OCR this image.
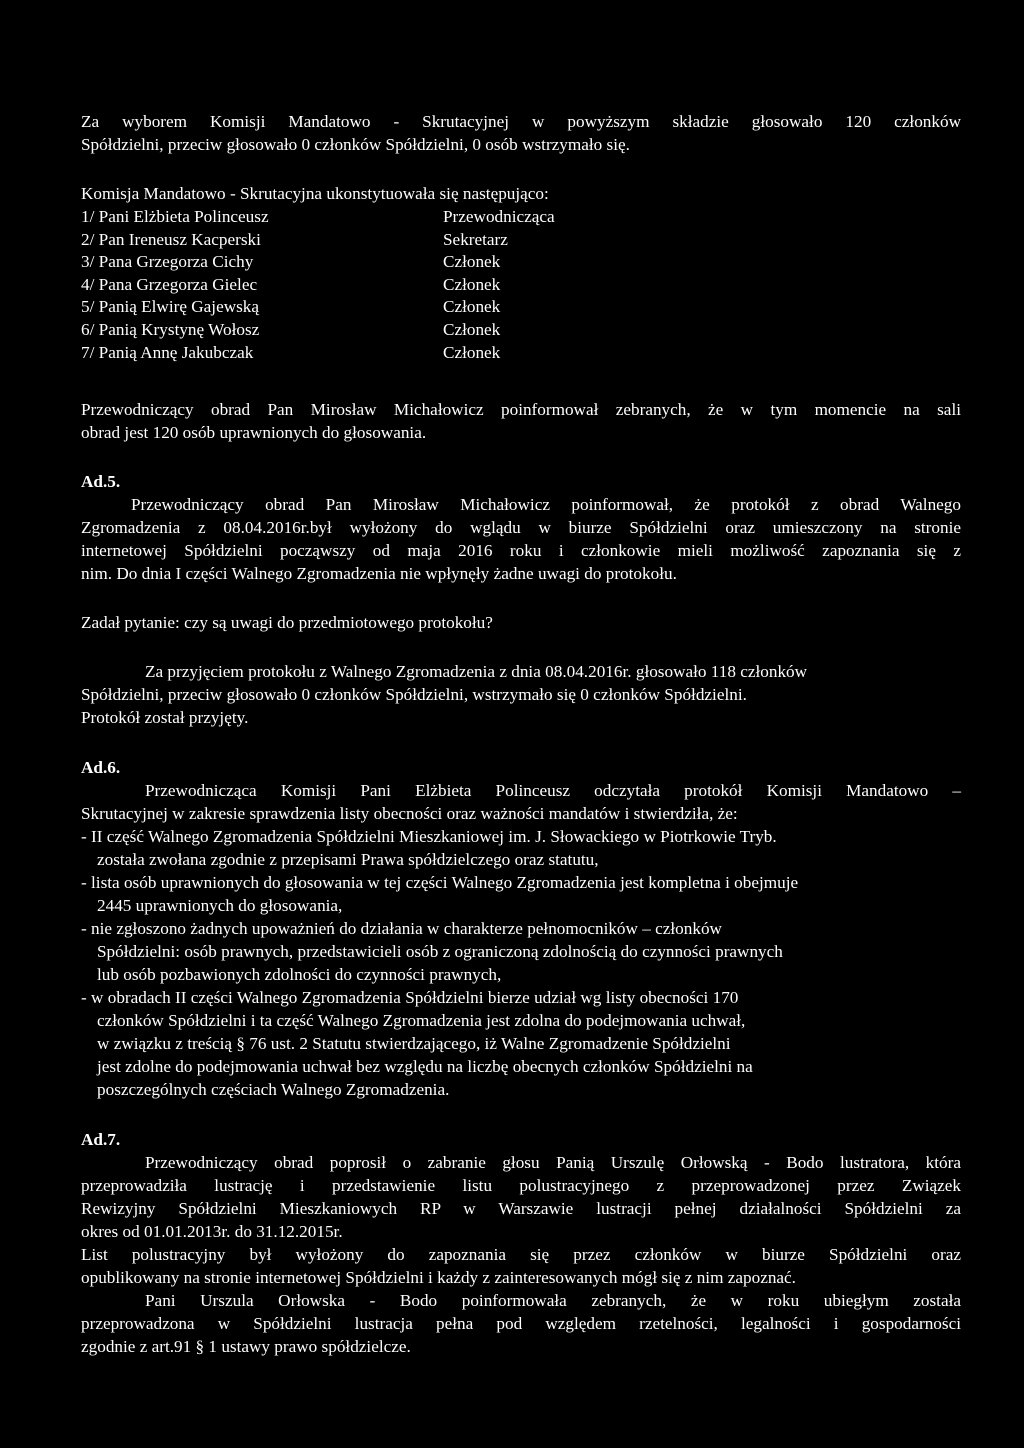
Za wyborem Komisji Mandatowo - Skrutacyjnej w powyższym składzie głosowało 120 członków
Spółdzielni, przeciw głosowało 0 członków Spółdzielni, 0 osób wstrzymało się.
Komisja Mandatowo - Skrutacyjna ukonstytuowała się następująco:
1/ Pani Elżbieta Polinceusz	Przewodnicząca
2/ Pan Ireneusz Kacperski	Sekretarz
3/ Pana Grzegorza Cichy	Członek
4/ Pana Grzegorza Gielec	Członek
5/ Panią Elwirę Gajewską	Członek
6/ Panią Krystynę Wołosz	Członek
7/ Panią Annę Jakubczak	Członek
Przewodniczący obrad Pan Mirosław Michałowicz poinformował zebranych, że w tym momencie na sali
obrad jest 120 osób uprawnionych do głosowania.
Ad.5.
Przewodniczący obrad Pan Mirosław Michałowicz poinformował, że protokół z obrad Walnego
Zgromadzenia z 08.04.2016r.był wyłożony do wglądu w biurze Spółdzielni oraz umieszczony na stronie
internetowej Spółdzielni począwszy od maja 2016 roku i członkowie mieli możliwość zapoznania się z
nim. Do dnia I części Walnego Zgromadzenia nie wpłynęły żadne uwagi do protokołu.
Zadał pytanie: czy są uwagi do przedmiotowego protokołu?
Za przyjęciem protokołu z Walnego Zgromadzenia z dnia 08.04.2016r. głosowało 118 członków
Spółdzielni, przeciw głosowało 0 członków Spółdzielni, wstrzymało się 0 członków Spółdzielni.
Protokół został przyjęty.
Ad.6.
Przewodnicząca Komisji Pani Elżbieta Polinceusz odczytała protokół Komisji Mandatowo –
Skrutacyjnej w zakresie sprawdzenia listy obecności oraz ważności mandatów i stwierdziła, że:
- II część Walnego Zgromadzenia Spółdzielni Mieszkaniowej im. J. Słowackiego w Piotrkowie Tryb.
została zwołana zgodnie z przepisami Prawa spółdzielczego oraz statutu,
- lista osób uprawnionych do głosowania w tej części Walnego Zgromadzenia jest kompletna i obejmuje
2445 uprawnionych do głosowania,
- nie zgłoszono żadnych upoważnień do działania w charakterze pełnomocników – członków
Spółdzielni: osób prawnych, przedstawicieli osób z ograniczoną zdolnością do czynności prawnych
lub osób pozbawionych zdolności do czynności prawnych,
- w obradach II części Walnego Zgromadzenia Spółdzielni bierze udział wg listy obecności 170
członków Spółdzielni i ta część Walnego Zgromadzenia jest zdolna do podejmowania uchwał,
w związku z treścią § 76 ust. 2 Statutu stwierdzającego, iż Walne Zgromadzenie Spółdzielni
jest zdolne do podejmowania uchwał bez względu na liczbę obecnych członków Spółdzielni na
poszczególnych częściach Walnego Zgromadzenia.
Ad.7.
Przewodniczący obrad poprosił o zabranie głosu Panią Urszulę Orłowską - Bodo lustratora, która
przeprowadziła lustrację i przedstawienie listu polustracyjnego z przeprowadzonej przez Związek
Rewizyjny Spółdzielni Mieszkaniowych RP w Warszawie lustracji pełnej działalności Spółdzielni za
okres od 01.01.2013r. do 31.12.2015r.
List polustracyjny był wyłożony do zapoznania się przez członków w biurze Spółdzielni oraz
opublikowany na stronie internetowej Spółdzielni i każdy z zainteresowanych mógł się z nim zapoznać.
Pani Urszula Orłowska - Bodo poinformowała zebranych, że w roku ubiegłym została
przeprowadzona w Spółdzielni lustracja pełna pod względem rzetelności, legalności i gospodarności
zgodnie z art.91 § 1 ustawy prawo spółdzielcze.
